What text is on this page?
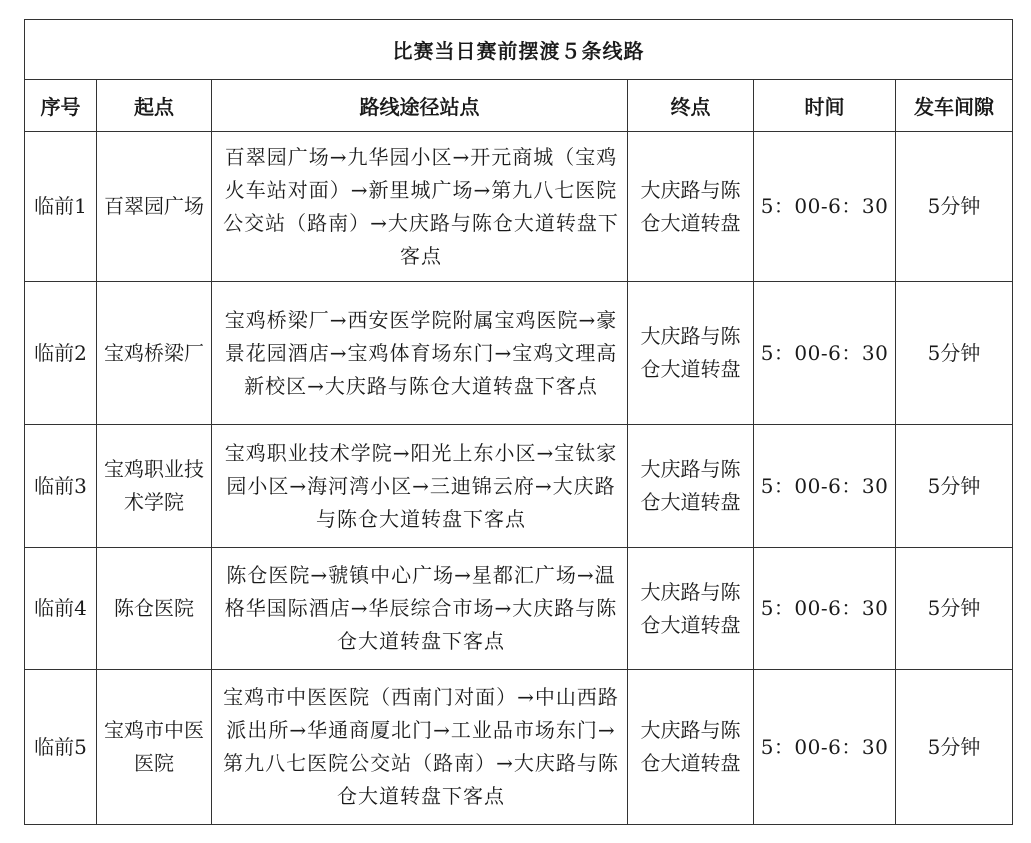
比赛当日赛前摆渡５条线路					
序号	起点	路线途径站点	终点	时间	发车间隙
临前1	百翠园广场	百翠园广场→九华园小区→开元商城（宝鸡火车站对面）→新里城广场→第九八七医院公交站（路南）→大庆路与陈仓大道转盘下客点	大庆路与陈仓大道转盘	5：00-6：30	5分钟
临前2	宝鸡桥梁厂	宝鸡桥梁厂→西安医学院附属宝鸡医院→豪景花园酒店→宝鸡体育场东门→宝鸡文理高新校区→大庆路与陈仓大道转盘下客点	大庆路与陈仓大道转盘	5：00-6：30	5分钟
临前3	宝鸡职业技术学院	宝鸡职业技术学院→阳光上东小区→宝钛家园小区→海河湾小区→三迪锦云府→大庆路与陈仓大道转盘下客点	大庆路与陈仓大道转盘	5：00-6：30	5分钟
临前4	陈仓医院	陈仓医院→虢镇中心广场→星都汇广场→温格华国际酒店→华辰综合市场→大庆路与陈仓大道转盘下客点	大庆路与陈仓大道转盘	5：00-6：30	5分钟
临前5	宝鸡市中医医院	宝鸡市中医医院（西南门对面）→中山西路派出所→华通商厦北门→工业品市场东门→第九八七医院公交站（路南）→大庆路与陈仓大道转盘下客点	大庆路与陈仓大道转盘	5：00-6：30	5分钟
